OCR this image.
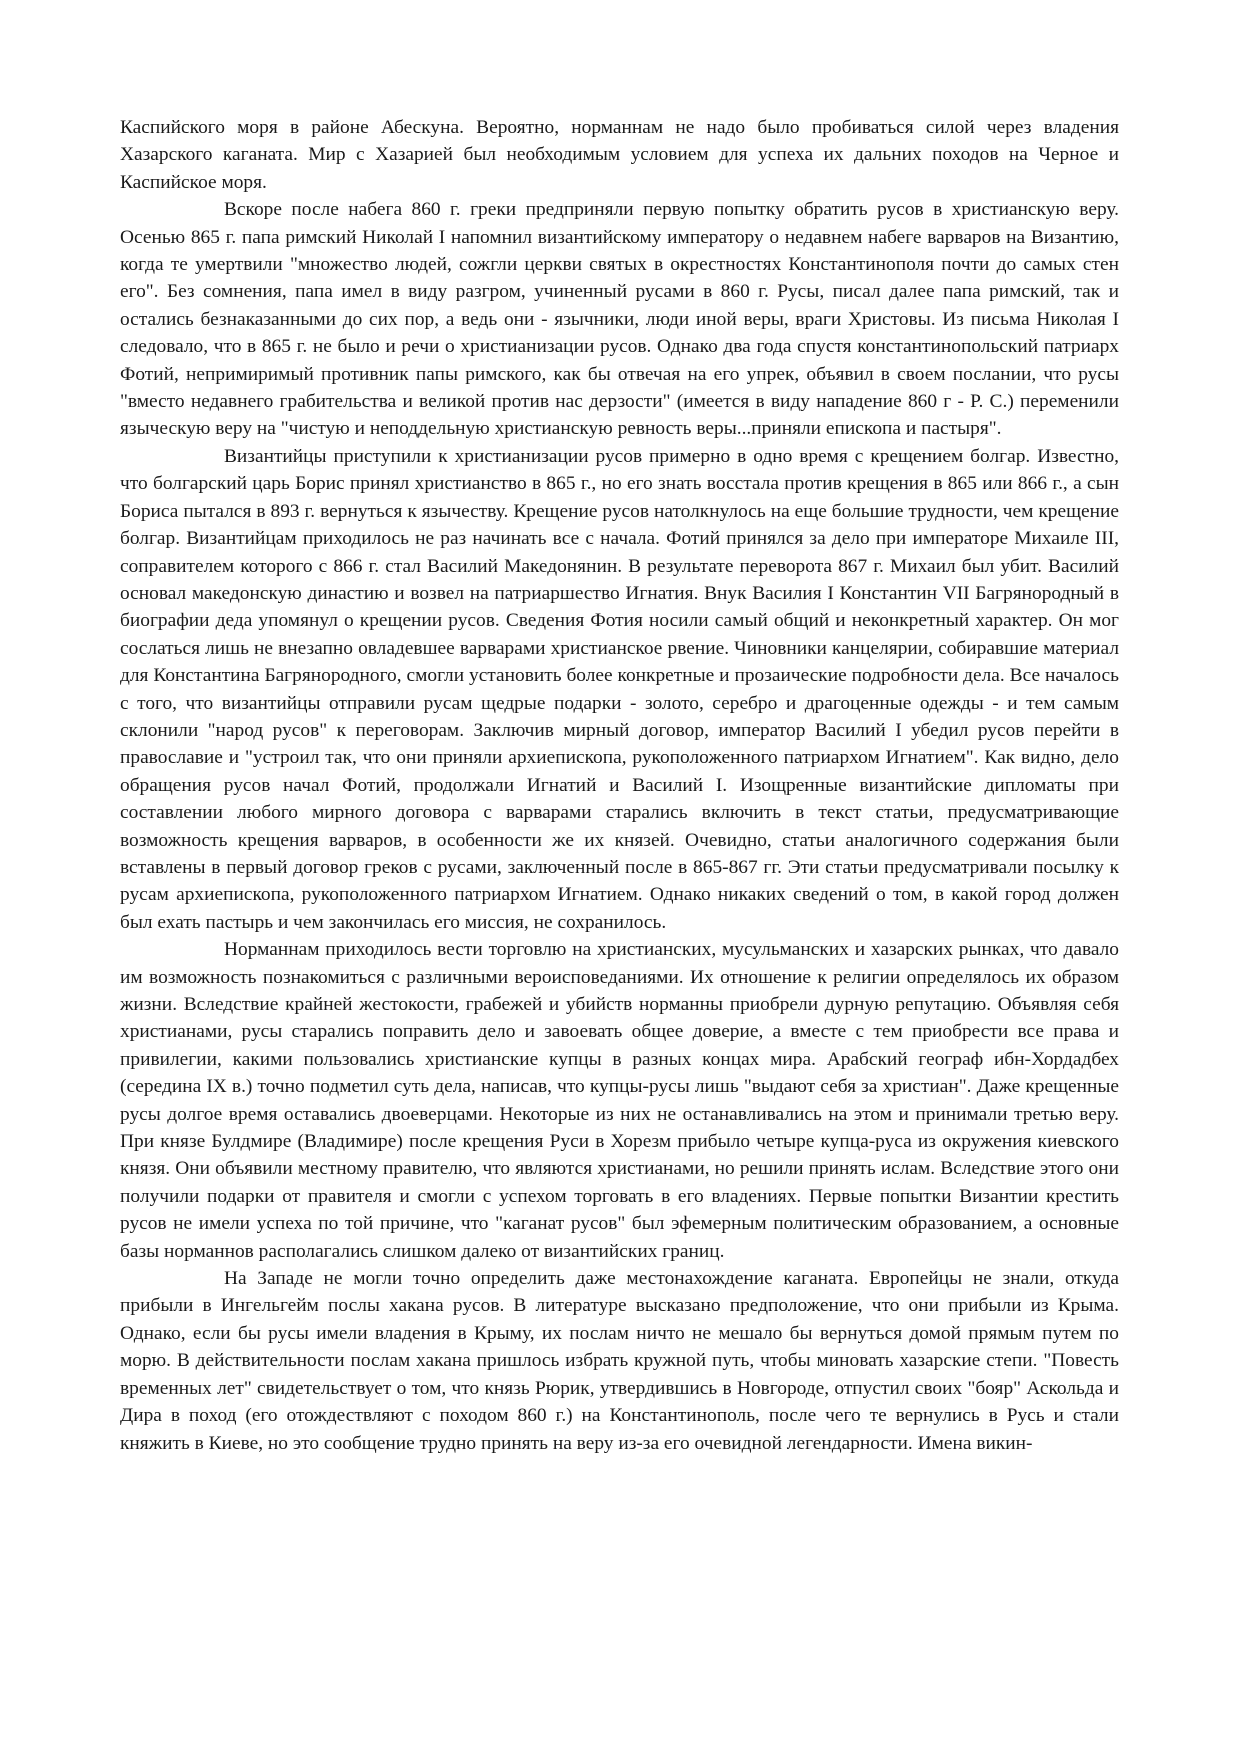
Каспийского моря в районе Абескуна. Вероятно, норманнам не надо было пробиваться силой через владения Хазарского каганата. Мир с Хазарией был необходимым условием для успеха их дальних походов на Черное и Каспийское моря.

Вскоре после набега 860 г. греки предприняли первую попытку обратить русов в христианскую веру. Осенью 865 г. папа римский Николай I напомнил византийскому императору о недавнем набеге варваров на Византию, когда те умертвили "множество людей, сожгли церкви святых в окрестностях Константинополя почти до самых стен его". Без сомнения, папа имел в виду разгром, учиненный русами в 860 г. Русы, писал далее папа римский, так и остались безнаказанными до сих пор, а ведь они - язычники, люди иной веры, враги Христовы. Из письма Николая I следовало, что в 865 г. не было и речи о христианизации русов. Однако два года спустя константинопольский патриарх Фотий, непримиримый противник папы римского, как бы отвечая на его упрек, объявил в своем послании, что русы "вместо недавнего грабительства и великой против нас дерзости" (имеется в виду нападение 860 г - Р. С.) переменили языческую веру на "чистую и неподдельную христианскую ревность веры...приняли епископа и пастыря".

Византийцы приступили к христианизации русов примерно в одно время с крещением болгар. Известно, что болгарский царь Борис принял христианство в 865 г., но его знать восстала против крещения в 865 или 866 г., а сын Бориса пытался в 893 г. вернуться к язычеству. Крещение русов натолкнулось на еще большие трудности, чем крещение болгар. Византийцам приходилось не раз начинать все с начала. Фотий принялся за дело при императоре Михаиле III, соправителем которого с 866 г. стал Василий Македонянин. В результате переворота 867 г. Михаил был убит. Василий основал македонскую династию и возвел на патриаршество Игнатия. Внук Василия I Константин VII Багрянородный в биографии деда упомянул о крещении русов. Сведения Фотия носили самый общий и неконкретный характер. Он мог сослаться лишь не внезапно овладевшее варварами христианское рвение. Чиновники канцелярии, собиравшие материал для Константина Багрянородного, смогли установить более конкретные и прозаические подробности дела. Все началось с того, что византийцы отправили русам щедрые подарки - золото, серебро и драгоценные одежды - и тем самым склонили "народ русов" к переговорам. Заключив мирный договор, император Василий I убедил русов перейти в православие и "устроил так, что они приняли архиепископа, рукоположенного патриархом Игнатием". Как видно, дело обращения русов начал Фотий, продолжали Игнатий и Василий I. Изощренные византийские дипломаты при составлении любого мирного договора с варварами старались включить в текст статьи, предусматривающие возможность крещения варваров, в особенности же их князей. Очевидно, статьи аналогичного содержания были вставлены в первый договор греков с русами, заключенный после в 865-867 гг. Эти статьи предусматривали посылку к русам архиепископа, рукоположенного патриархом Игнатием. Однако никаких сведений о том, в какой город должен был ехать пастырь и чем закончилась его миссия, не сохранилось.

Норманнам приходилось вести торговлю на христианских, мусульманских и хазарских рынках, что давало им возможность познакомиться с различными вероисповеданиями. Их отношение к религии определялось их образом жизни. Вследствие крайней жестокости, грабежей и убийств норманны приобрели дурную репутацию. Объявляя себя христианами, русы старались поправить дело и завоевать общее доверие, а вместе с тем приобрести все права и привилегии, какими пользовались христианские купцы в разных концах мира. Арабский географ ибн-Хордадбех (середина IX в.) точно подметил суть дела, написав, что купцы-русы лишь "выдают себя за христиан". Даже крещенные русы долгое время оставались двоеверцами. Некоторые из них не останавливались на этом и принимали третью веру. При князе Булдмире (Владимире) после крещения Руси в Хорезм прибыло четыре купца-руса из окружения киевского князя. Они объявили местному правителю, что являются христианами, но решили принять ислам. Вследствие этого они получили подарки от правителя и смогли с успехом торговать в его владениях. Первые попытки Византии крестить русов не имели успеха по той причине, что "каганат русов" был эфемерным политическим образованием, а основные базы норманнов располагались слишком далеко от византийских границ.

На Западе не могли точно определить даже местонахождение каганата. Европейцы не знали, откуда прибыли в Ингельгейм послы хакана русов. В литературе высказано предположение, что они прибыли из Крыма. Однако, если бы русы имели владения в Крыму, их послам ничто не мешало бы вернуться домой прямым путем по морю. В действительности послам хакана пришлось избрать кружной путь, чтобы миновать хазарские степи. "Повесть временных лет" свидетельствует о том, что князь Рюрик, утвердившись в Новгороде, отпустил своих "бояр" Аскольда и Дира в поход (его отождествляют с походом 860 г.) на Константинополь, после чего те вернулись в Русь и стали княжить в Киеве, но это сообщение трудно принять на веру из-за его очевидной легендарности. Имена викин-
